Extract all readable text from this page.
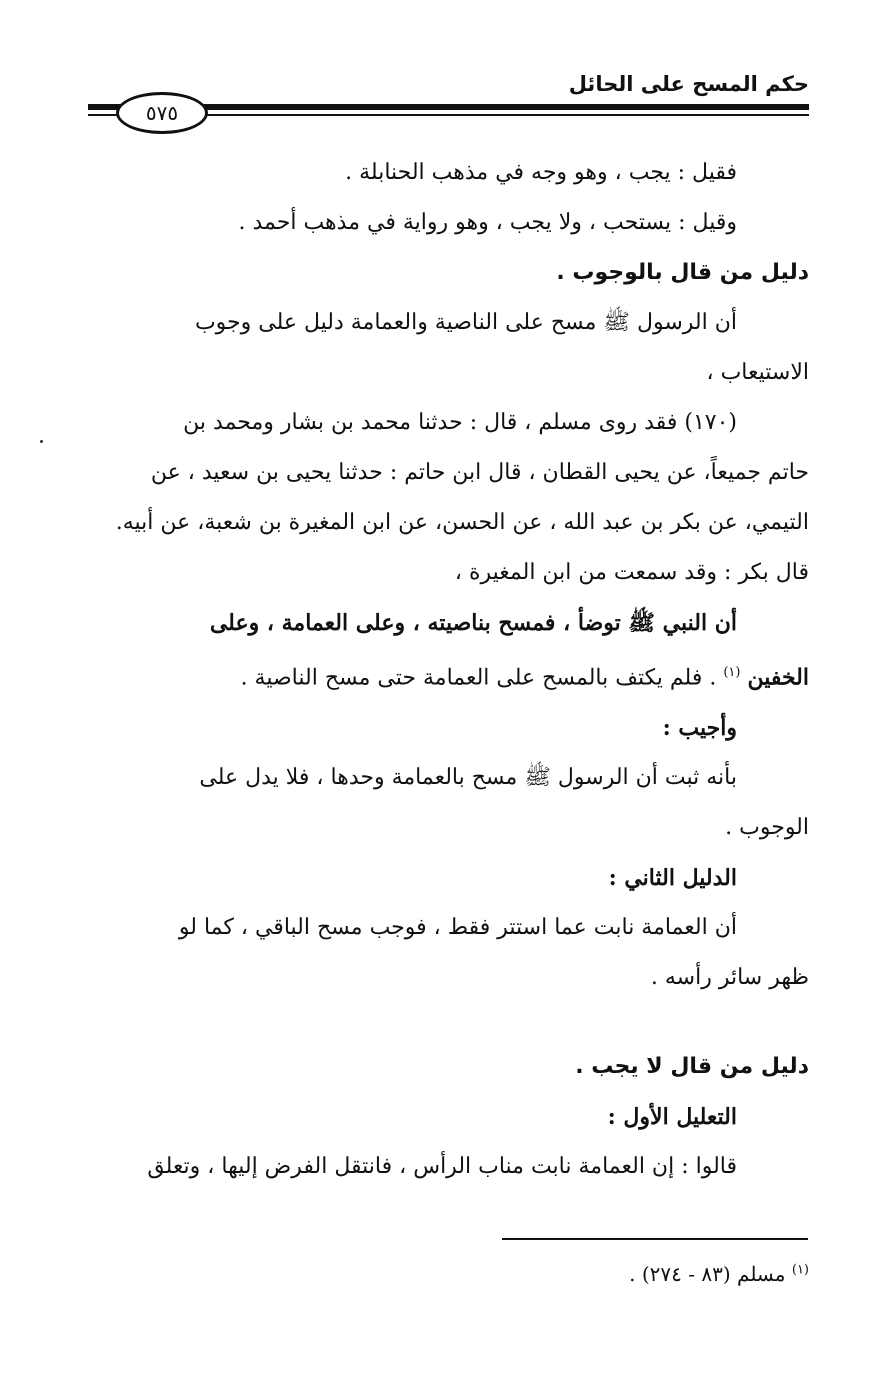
حكم المسح على الحائل
٥٧٥
فقيل : يجب ، وهو وجه في مذهب الحنابلة .
وقيل : يستحب ، ولا يجب ، وهو رواية في مذهب أحمد .
دليل من قال بالوجوب .
أن الرسول ﷺ مسح على الناصية والعمامة دليل على وجوب
الاستيعاب ،
(١٧٠) فقد روى مسلم ، قال : حدثنا محمد بن بشار ومحمد بن
حاتم جميعاً، عن يحيى القطان ، قال ابن حاتم : حدثنا يحيى بن سعيد ، عن
التيمي، عن بكر بن عبد الله ، عن الحسن، عن ابن المغيرة بن شعبة، عن أبيه.
قال بكر : وقد سمعت من ابن المغيرة ،
أن النبي ﷺ توضأ ، فمسح بناصيته ، وعلى العمامة ، وعلى
الخفين $^{(١)}$ . فلم يكتف بالمسح على العمامة حتى مسح الناصية .
وأجيب :
بأنه ثبت أن الرسول ﷺ مسح بالعمامة وحدها ، فلا يدل على
الوجوب .
الدليل الثاني :
أن العمامة نابت عما استتر فقط ، فوجب مسح الباقي ، كما لو
ظهر سائر رأسه .
دليل من قال لا يجب .
التعليل الأول :
قالوا : إن العمامة نابت مناب الرأس ، فانتقل الفرض إليها ، وتعلق
$^{(١)}$ مسلم (٨٣ - ٢٧٤) .
